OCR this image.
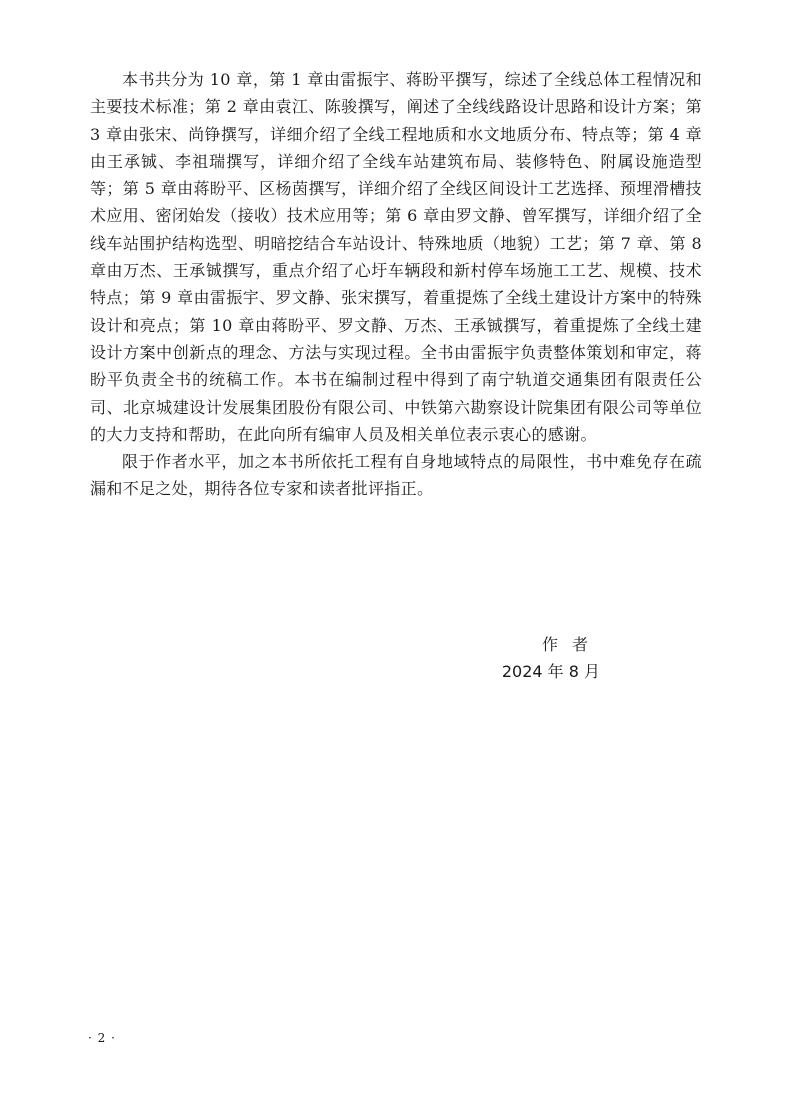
本书共分为 10 章，第 1 章由雷振宇、蒋盼平撰写，综述了全线总体工程情况和主要技术标准；第 2 章由袁江、陈骏撰写，阐述了全线线路设计思路和设计方案；第 3 章由张宋、尚铮撰写，详细介绍了全线工程地质和水文地质分布、特点等；第 4 章由王承铖、李祖瑞撰写，详细介绍了全线车站建筑布局、装修特色、附属设施造型等；第 5 章由蒋盼平、区杨茵撰写，详细介绍了全线区间设计工艺选择、预埋滑槽技术应用、密闭始发（接收）技术应用等；第 6 章由罗文静、曾军撰写，详细介绍了全线车站围护结构选型、明暗挖结合车站设计、特殊地质（地貌）工艺；第 7 章、第 8 章由万杰、王承铖撰写，重点介绍了心圩车辆段和新村停车场施工工艺、规模、技术特点；第 9 章由雷振宇、罗文静、张宋撰写，着重提炼了全线土建设计方案中的特殊设计和亮点；第 10 章由蒋盼平、罗文静、万杰、王承铖撰写，着重提炼了全线土建设计方案中创新点的理念、方法与实现过程。全书由雷振宇负责整体策划和审定，蒋盼平负责全书的统稿工作。本书在编制过程中得到了南宁轨道交通集团有限责任公司、北京城建设计发展集团股份有限公司、中铁第六勘察设计院集团有限公司等单位的大力支持和帮助，在此向所有编审人员及相关单位表示衷心的感谢。

限于作者水平，加之本书所依托工程有自身地域特点的局限性，书中难免存在疏漏和不足之处，期待各位专家和读者批评指正。

作者
2024 年 8 月
· 2 ·
